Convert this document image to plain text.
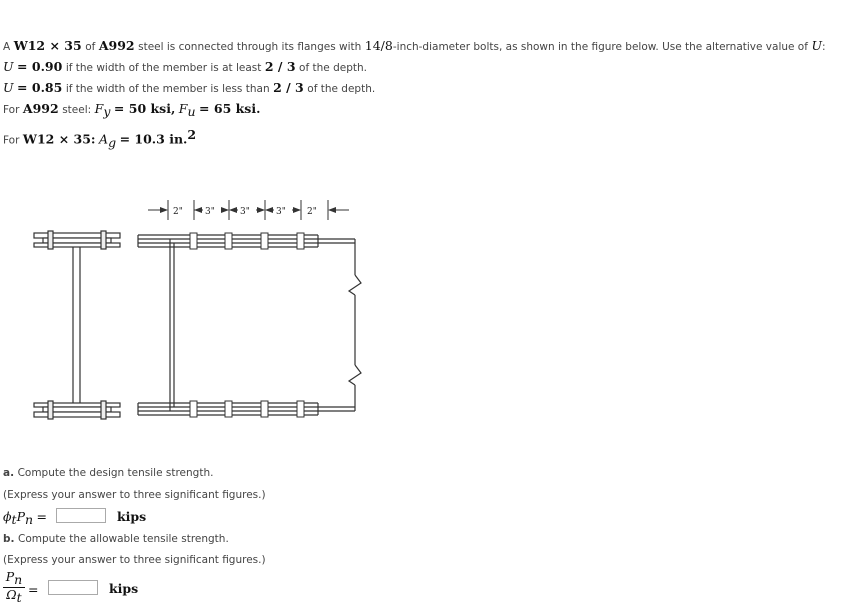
A W12 × 35 of A992 steel is connected through its flanges with 14/8-inch-diameter bolts, as shown in the figure below. Use the alternative value of U:
U = 0.90 if the width of the member is at least 2 / 3 of the depth.
U = 0.85 if the width of the member is less than 2 / 3 of the depth.
For A992 steel: $F_y = 50$ ksi, $F_u = 65$ ksi.
For W12 × 35: $A_g = 10.3$ in.$^2$
2" 3"	3"	3" 2"
a. Compute the design tensile strength.
(Express your answer to three significant figures.)
$\phi_tP_n$ =	kips
b. Compute the allowable tensile strength.
(Express your answer to three significant figures.)
$\frac{P_n}{\Omega_t}$ =	kips
